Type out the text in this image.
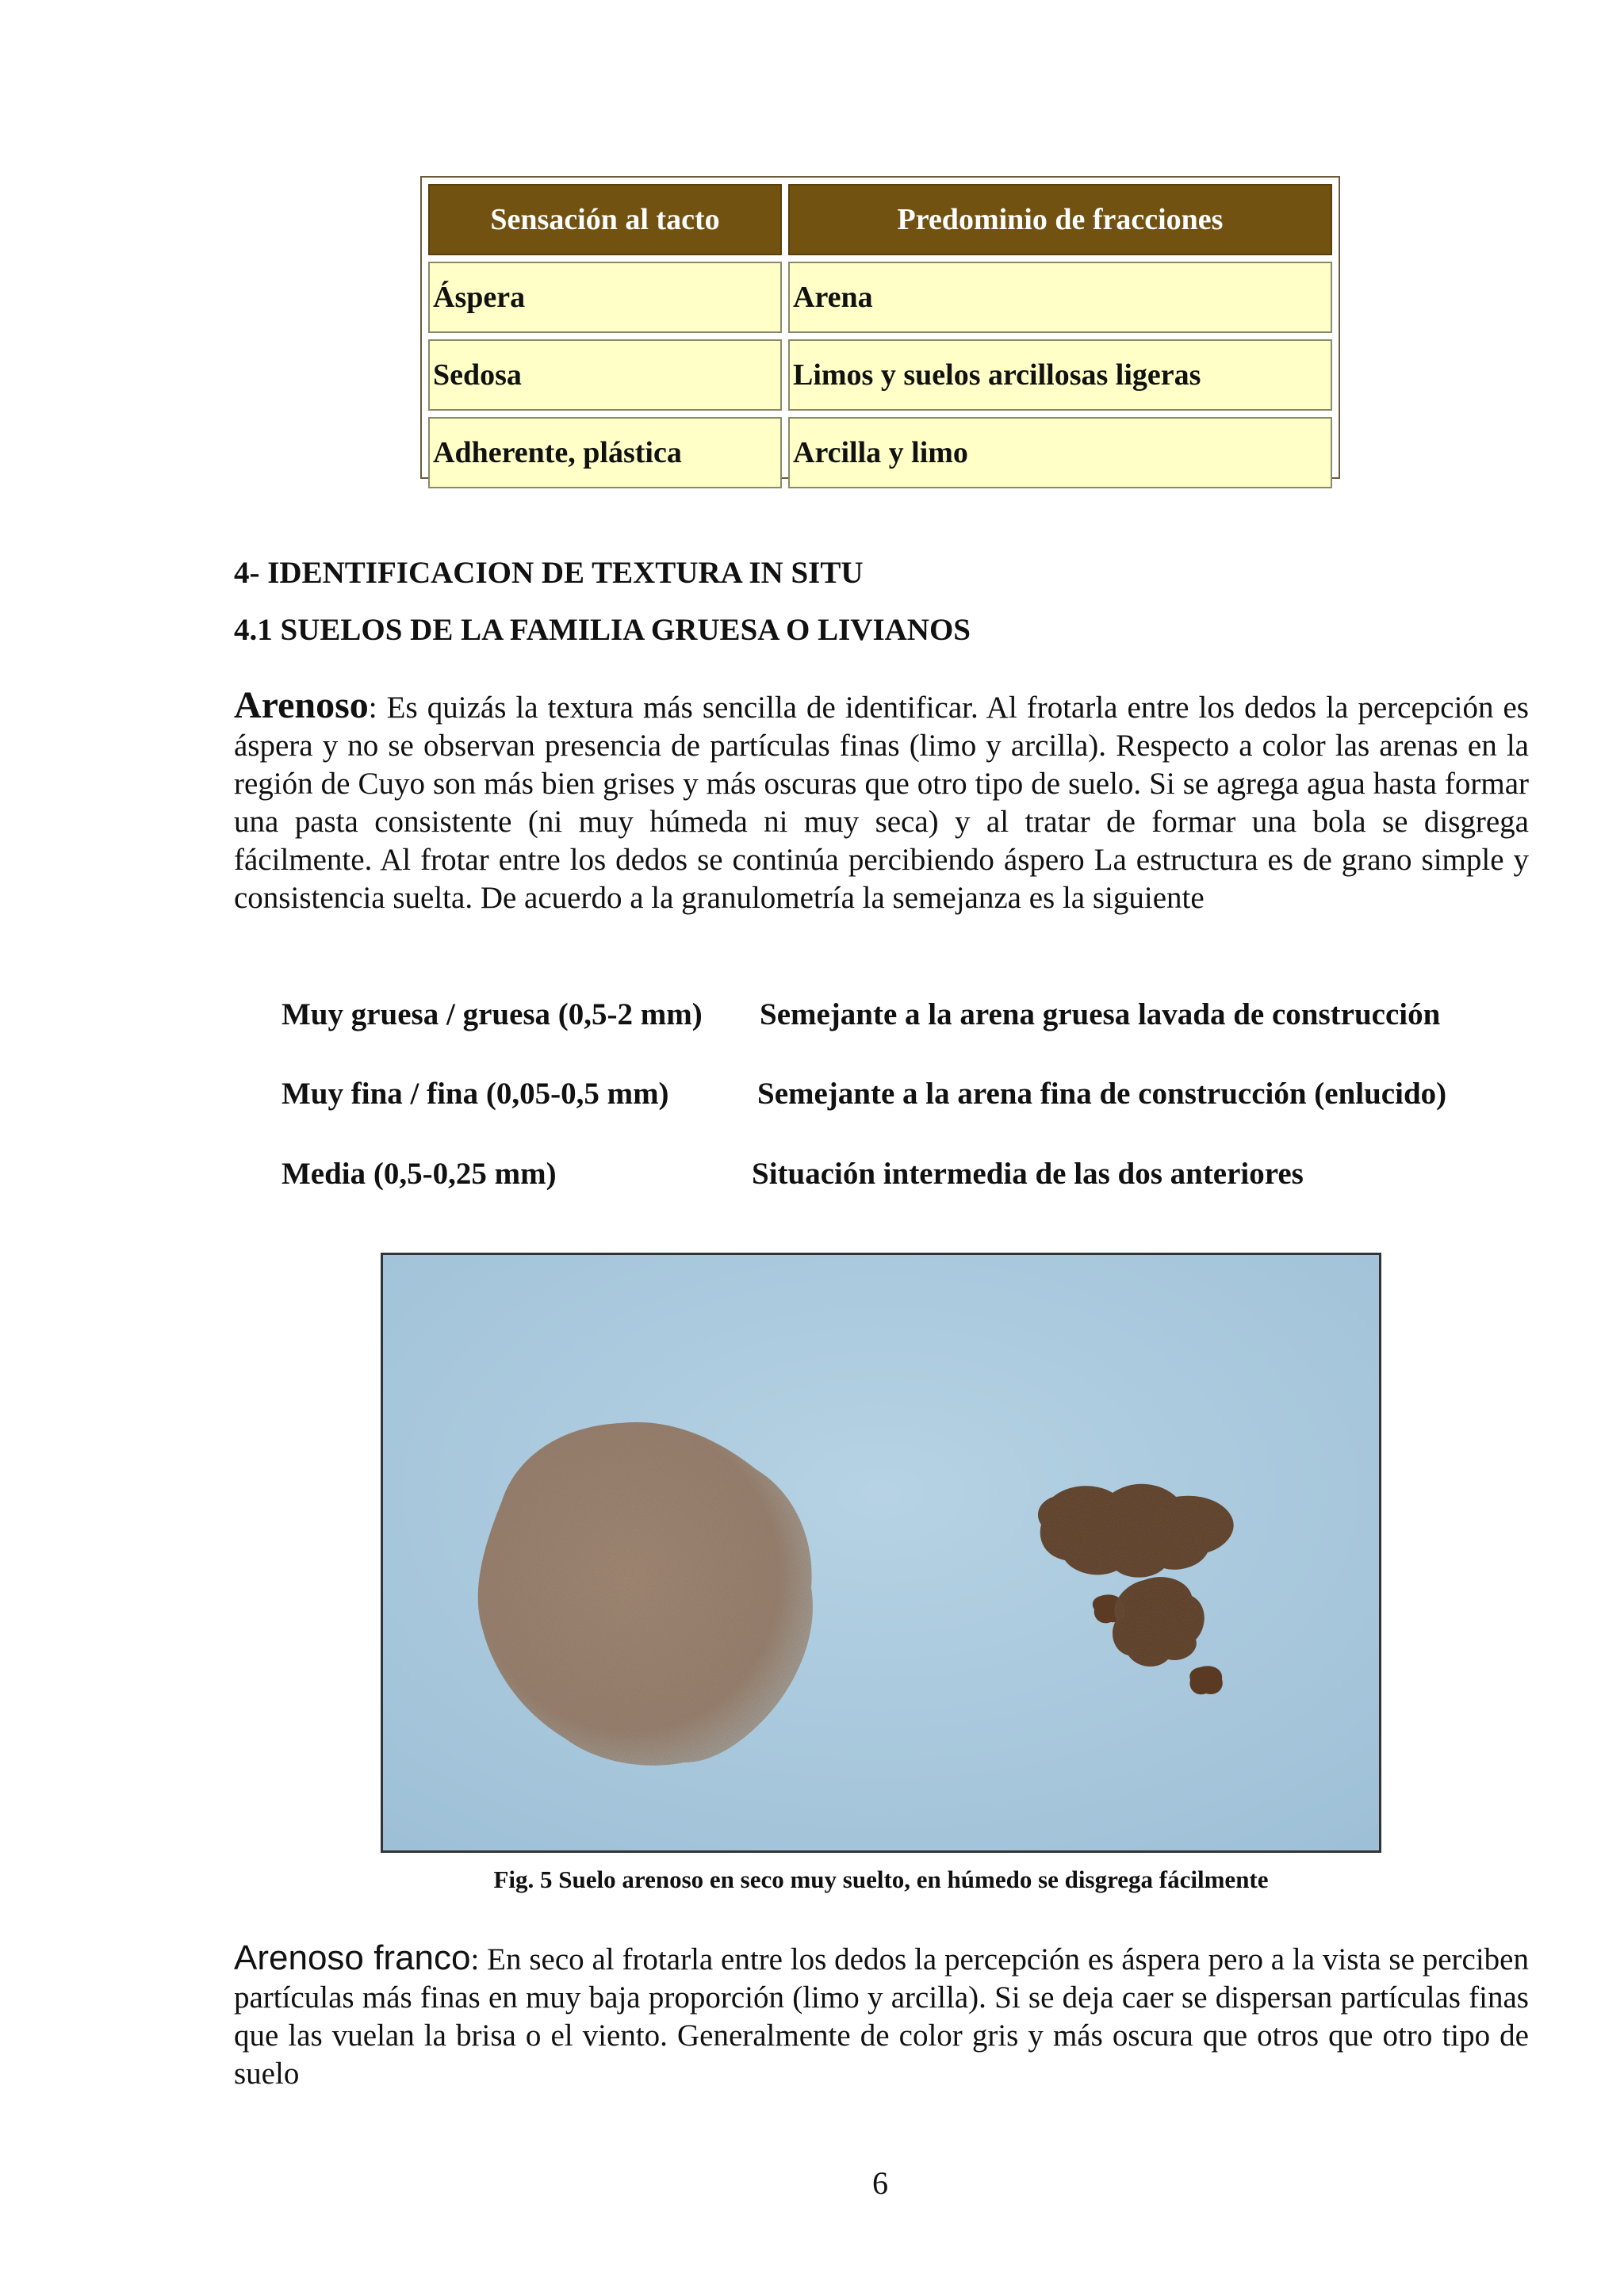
Sensación al tacto	Predominio de fracciones
Áspera	Arena
Sedosa	Limos y suelos arcillosas ligeras
Adherente, plástica	Arcilla y limo
4- IDENTIFICACION DE TEXTURA IN SITU
4.1 SUELOS DE LA FAMILIA GRUESA O LIVIANOS
Arenoso: Es quizás la textura más sencilla de identificar. Al frotarla entre los dedos la percepción es áspera y no se observan presencia de partículas finas (limo y arcilla). Respecto a color las arenas en la región de Cuyo son más bien grises y más oscuras que otro tipo de suelo. Si se agrega agua hasta formar una pasta consistente (ni muy húmeda ni muy seca) y al tratar de formar una bola se disgrega fácilmente. Al frotar entre los dedos se continúa percibiendo áspero La estructura es de grano simple y consistencia suelta. De acuerdo a la granulometría la semejanza es la siguiente
Muy gruesa / gruesa (0,5-2 mm) Semejante a la arena gruesa lavada de construcción
Muy fina / fina (0,05-0,5 mm)	Semejante a la arena fina de construcción (enlucido)
Media (0,5-0,25 mm)	Situación intermedia de las dos anteriores
Fig. 5 Suelo arenoso en seco muy suelto, en húmedo se disgrega fácilmente
Arenoso franco: En seco al frotarla entre los dedos la percepción es áspera pero a la vista se perciben partículas más finas en muy baja proporción (limo y arcilla). Si se deja caer se dispersan partículas finas que las vuelan la brisa o el viento. Generalmente de color gris y más oscura que otros que otro tipo de suelo
6
